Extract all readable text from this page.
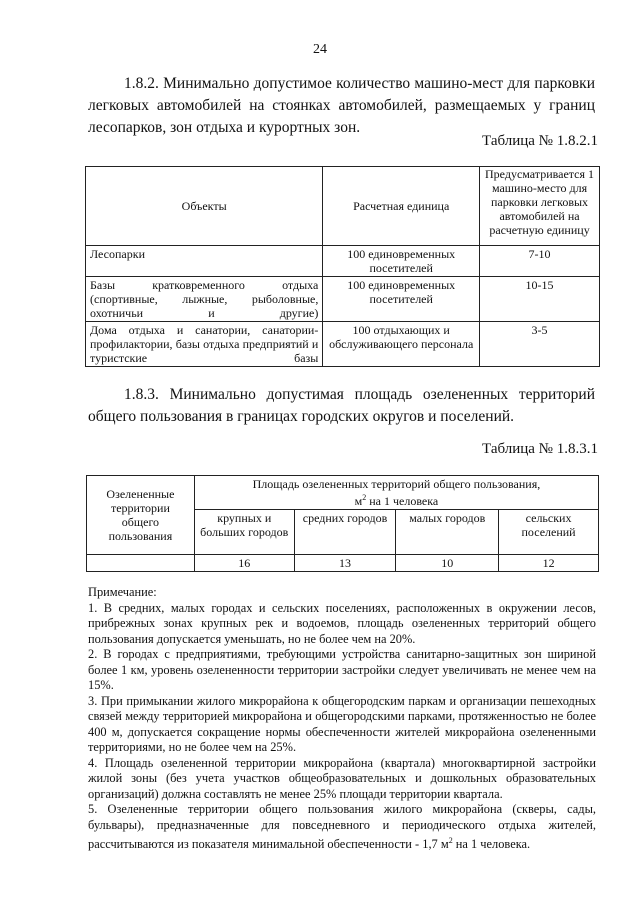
24
1.8.2. Минимально допустимое количество машино-мест для парковки легковых автомобилей на стоянках автомобилей, размещаемых у границ лесопарков, зон отдыха и курортных зон.
Таблица № 1.8.2.1
Объекты	Расчетная единица	Предусматривается 1 машино-место для парковки легковых автомобилей на расчетную единицу
Лесопарки	100 единовременных посетителей	7-10
Базы кратковременного отдыха (спортивные, лыжные, рыболовные, охотничьи и другие)	100 единовременных посетителей	10-15
Дома отдыха и санатории, санатории-профилактории, базы отдыха предприятий и туристские базы	100 отдыхающих и обслуживающего персонала	3-5
1.8.3. Минимально допустимая площадь озелененных территорий общего пользования в границах городских округов и поселений.
Таблица № 1.8.3.1
Озелененные территории общего пользования	Площадь озелененных территорий общего пользования,
$м^2$ на 1 человека			

	крупных и больших городов	средних городов	малых городов	сельских поселений
	16	13	10	12
Примечание:
1. В средних, малых городах и сельских поселениях, расположенных в окружении лесов, прибрежных зонах крупных рек и водоемов, площадь озелененных территорий общего пользования допускается уменьшать, но не более чем на 20%.
2. В городах с предприятиями, требующими устройства санитарно-защитных зон шириной более 1 км, уровень озелененности территории застройки следует увеличивать не менее чем на 15%.
3. При примыкании жилого микрорайона к общегородским паркам и организации пешеходных связей между территорией микрорайона и общегородскими парками, протяженностью не более 400 м, допускается сокращение нормы обеспеченности жителей микрорайона озелененными территориями, но не более чем на 25%.
4. Площадь озелененной территории микрорайона (квартала) многоквартирной застройки жилой зоны (без учета участков общеобразовательных и дошкольных образовательных организаций) должна составлять не менее 25% площади территории квартала.
5. Озелененные территории общего пользования жилого микрорайона (скверы, сады, бульвары), предназначенные для повседневного и периодического отдыха жителей, рассчитываются из показателя минимальной обеспеченности - 1,7 $м^2$ на 1 человека.
